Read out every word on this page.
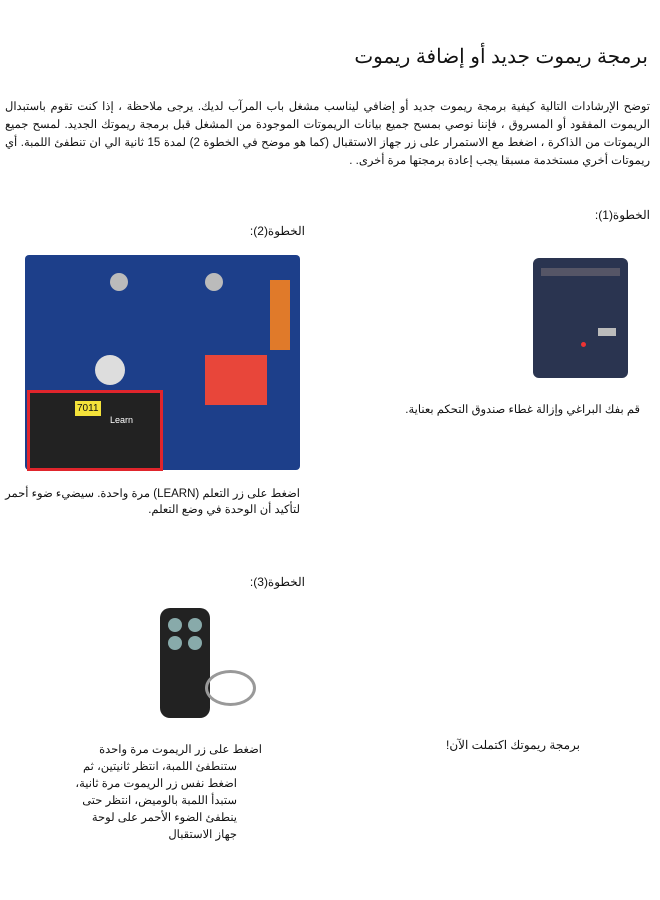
برمجة ريموت جديد أو إضافة ريموت

توضح الإرشادات التالية كيفية برمجة ريموت جديد أو إضافي ليناسب مشغل باب المرآب لديك. يرجى ملاحظة ، إذا كنت تقوم باستبدال الريموت المفقود أو المسروق ، فإننا نوصي بمسح جميع بيانات الريموتات الموجودة من المشغل قبل برمجة ريموتك الجديد. لمسح جميع الريموتات من الذاكرة ، اضغط مع الاستمرار على زر جهاز الاستقبال (كما هو موضح في الخطوة 2) لمدة 15 ثانية الي ان تنطفئ اللمبة. أي ريموتات أخري مستخدمة مسبقا يجب إعادة برمجتها مرة أخرى. .

الخطوة(1):
قم بفك البراغي وإزالة غطاء صندوق التحكم بعناية.
الخطوة(2):
7011
Learn
اضغط على زر التعلم (LEARN) مرة واحدة. سيضيء ضوء أحمر
لتأكيد أن الوحدة في وضع التعلم.
الخطوة(3):
اضغط على زر الريموت مرة واحدة
ستنطفئ اللمبة، انتظر ثانيتين، ثم
اضغط نفس زر الريموت مرة ثانية،
ستبدأ اللمبة بالوميض، انتظر حتى
ينطفئ الضوء الأحمر على لوحة
جهاز الاستقبال
برمجة ريموتك اكتملت الآن!
